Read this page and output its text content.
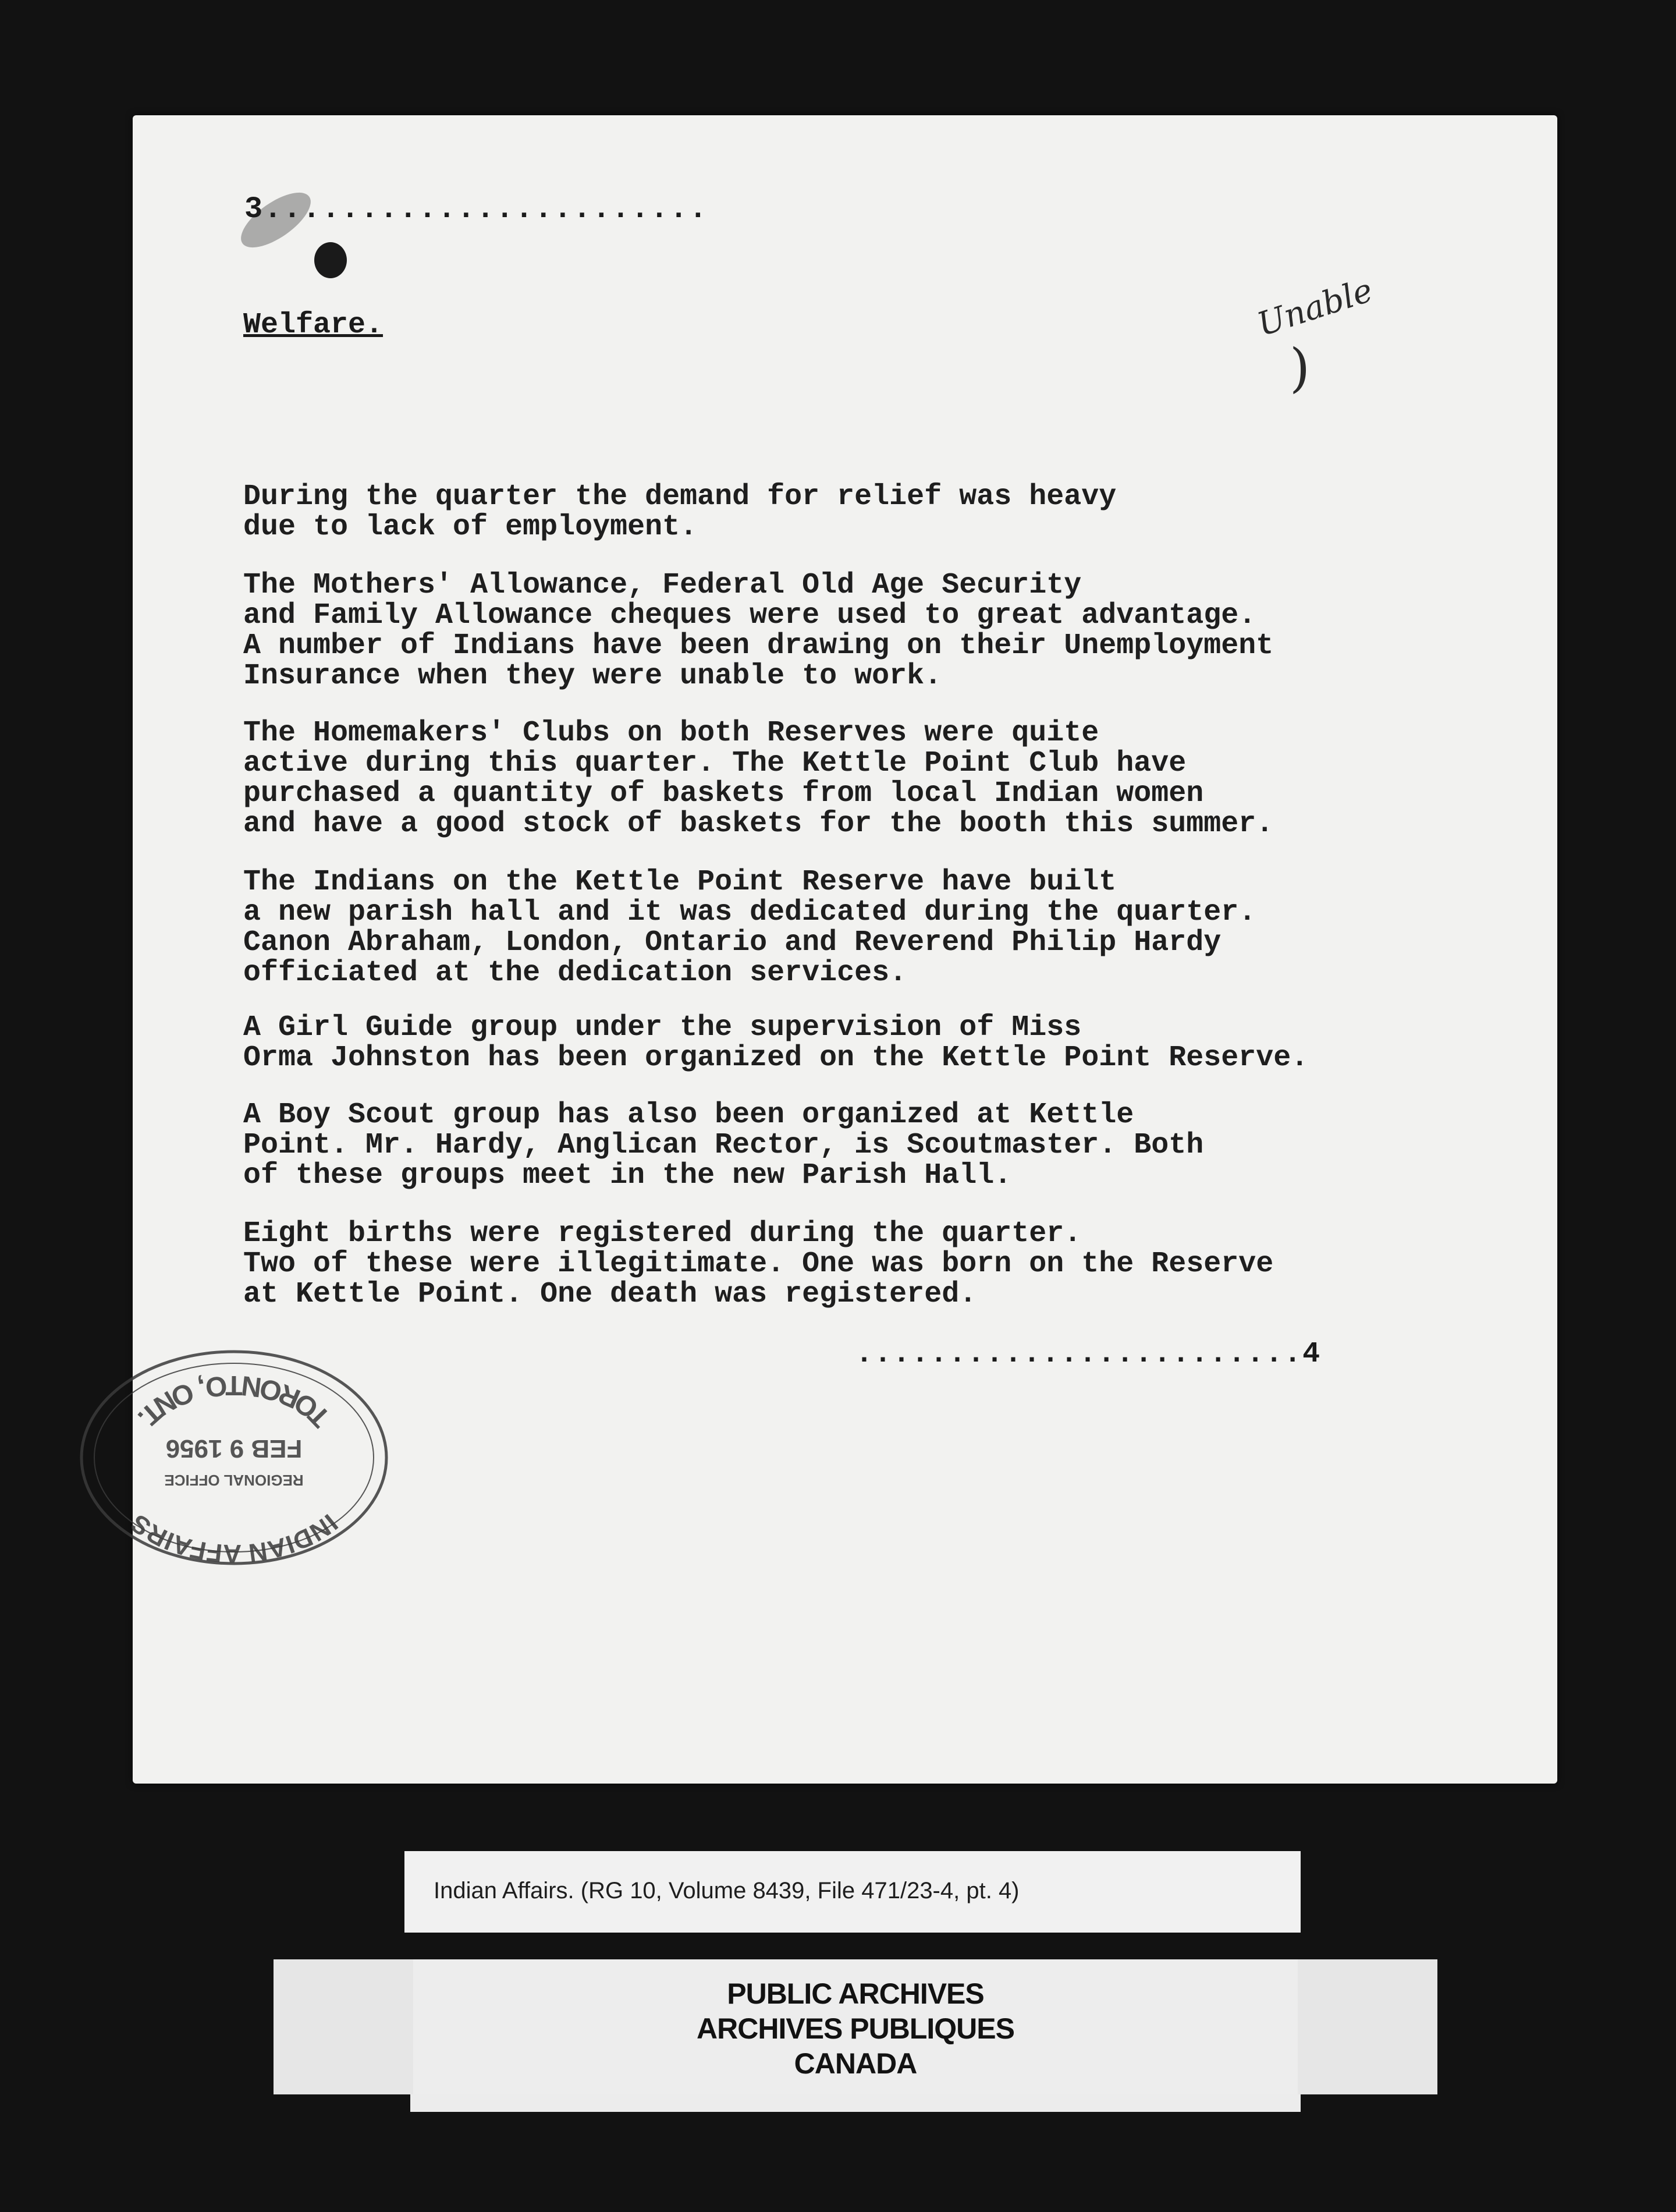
3.......................
Welfare.	Unable
)

During the quarter the demand for relief was heavy
due to lack of employment.

The Mothers' Allowance, Federal Old Age Security
and Family Allowance cheques were used to great advantage.
A number of Indians have been drawing on their Unemployment
Insurance when they were unable to work.

The Homemakers' Clubs on both Reserves were quite
active during this quarter. The Kettle Point Club have
purchased a quantity of baskets from local Indian women
and have a good stock of baskets for the booth this summer.

The Indians on the Kettle Point Reserve have built
a new parish hall and it was dedicated during the quarter.
Canon Abraham, London, Ontario and Reverend Philip Hardy
officiated at the dedication services.

A Girl Guide group under the supervision of Miss
Orma Johnston has been organized on the Kettle Point Reserve.

A Boy Scout group has also been organized at Kettle
Point. Mr. Hardy, Anglican Rector, is Scoutmaster. Both
of these groups meet in the new Parish Hall.

Eight births were registered during the quarter.
Two of these were illegitimate. One was born on the Reserve
at Kettle Point. One death was registered.

........................4
INDIAN AFFAIRS
REGIONAL OFFICE
FEB 9 1956
TORONTO, ONT.
Indian Affairs. (RG 10, Volume 8439, File 471/23-4, pt. 4)
PUBLIC ARCHIVES
ARCHIVES PUBLIQUES
CANADA
